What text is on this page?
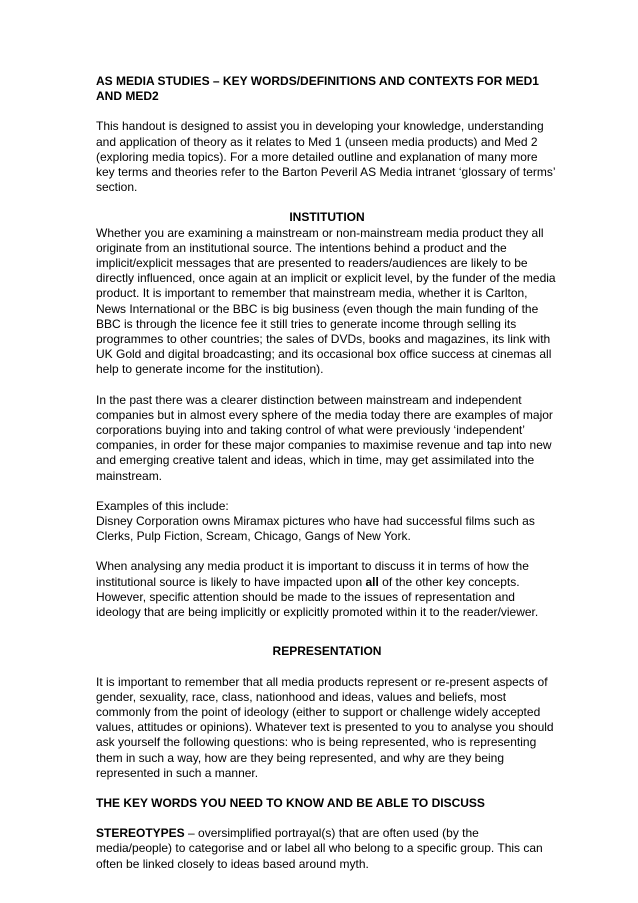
AS MEDIA STUDIES – KEY WORDS/DEFINITIONS AND CONTEXTS FOR MED1 AND MED2

This handout is designed to assist you in developing your knowledge, understanding and application of theory as it relates to Med 1 (unseen media products) and Med 2 (exploring media topics). For a more detailed outline and explanation of many more key terms and theories refer to the Barton Peveril AS Media intranet ‘glossary of terms’ section.

INSTITUTION

Whether you are examining a mainstream or non-mainstream media product they all originate from an institutional source. The intentions behind a product and the implicit/explicit messages that are presented to readers/audiences are likely to be directly influenced, once again at an implicit or explicit level, by the funder of the media product. It is important to remember that mainstream media, whether it is Carlton, News International or the BBC is big business (even though the main funding of the BBC is through the licence fee it still tries to generate income through selling its programmes to other countries; the sales of DVDs, books and magazines, its link with UK Gold and digital broadcasting; and its occasional box office success at cinemas all help to generate income for the institution).

In the past there was a clearer distinction between mainstream and independent companies but in almost every sphere of the media today there are examples of major corporations buying into and taking control of what were previously ‘independent’ companies, in order for these major companies to maximise revenue and tap into new and emerging creative talent and ideas, which in time, may get assimilated into the mainstream.

Examples of this include:

Disney Corporation owns Miramax pictures who have had successful films such as Clerks, Pulp Fiction, Scream, Chicago, Gangs of New York.

When analysing any media product it is important to discuss it in terms of how the institutional source is likely to have impacted upon all of the other key concepts. However, specific attention should be made to the issues of representation and ideology that are being implicitly or explicitly promoted within it to the reader/viewer.

REPRESENTATION

It is important to remember that all media products represent or re-present aspects of gender, sexuality, race, class, nationhood and ideas, values and beliefs, most commonly from the point of ideology (either to support or challenge widely accepted values, attitudes or opinions). Whatever text is presented to you to analyse you should ask yourself the following questions: who is being represented, who is representing them in such a way, how are they being represented, and why are they being represented in such a manner.

THE KEY WORDS YOU NEED TO KNOW AND BE ABLE TO DISCUSS

STEREOTYPES – oversimplified portrayal(s) that are often used (by the media/people) to categorise and or label all who belong to a specific group. This can often be linked closely to ideas based around myth.
